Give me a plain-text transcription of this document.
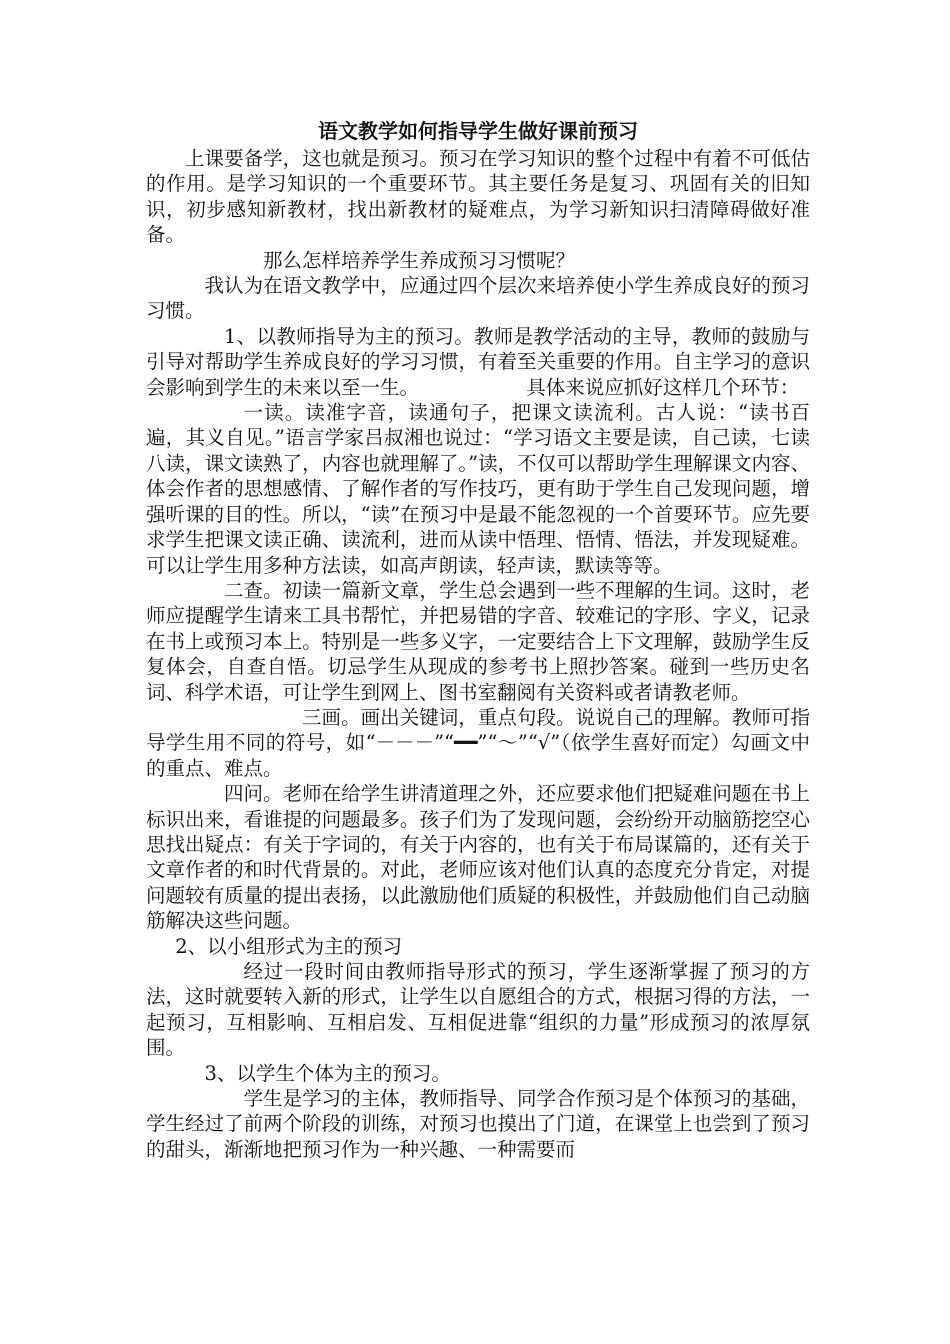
语文教学如何指导学生做好课前预习

上课要备学，这也就是预习。预习在学习知识的整个过程中有着不可低估的作用。是学习知识的一个重要环节。其主要任务是复习、巩固有关的旧知识，初步感知新教材，找出新教材的疑难点，为学习新知识扫清障碍做好准备。

那么怎样培养学生养成预习习惯呢？

我认为在语文教学中，应通过四个层次来培养使小学生养成良好的预习习惯。

1、以教师指导为主的预习。教师是教学活动的主导，教师的鼓励与引导对帮助学生养成良好的学习习惯，有着至关重要的作用。自主学习的意识会影响到学生的未来以至一生。	具体来说应抓好这样几个环节：

一读。读准字音，读通句子，把课文读流利。古人说：“读书百遍，其义自见。”语言学家吕叔湘也说过：“学习语文主要是读，自己读，七读八读，课文读熟了，内容也就理解了。”读，不仅可以帮助学生理解课文内容、体会作者的思想感情、了解作者的写作技巧，更有助于学生自己发现问题，增强听课的目的性。所以，“读”在预习中是最不能忽视的一个首要环节。应先要求学生把课文读正确、读流利，进而从读中悟理、悟情、悟法，并发现疑难。可以让学生用多种方法读，如高声朗读，轻声读，默读等等。

二查。初读一篇新文章，学生总会遇到一些不理解的生词。这时，老师应提醒学生请来工具书帮忙，并把易错的字音、较难记的字形、字义，记录在书上或预习本上。特别是一些多义字，一定要结合上下文理解，鼓励学生反复体会，自查自悟。切忌学生从现成的参考书上照抄答案。碰到一些历史名词、科学术语，可让学生到网上、图书室翻阅有关资料或者请教老师。

三画。画出关键词，重点句段。说说自己的理解。教师可指导学生用不同的符号，如“－－－”“━━”“～”“√”（依学生喜好而定）勾画文中的重点、难点。

四问。老师在给学生讲清道理之外，还应要求他们把疑难问题在书上标识出来，看谁提的问题最多。孩子们为了发现问题，会纷纷开动脑筋挖空心思找出疑点：有关于字词的，有关于内容的，也有关于布局谋篇的，还有关于文章作者的和时代背景的。对此，老师应该对他们认真的态度充分肯定，对提问题较有质量的提出表扬，以此激励他们质疑的积极性，并鼓励他们自己动脑筋解决这些问题。

2、以小组形式为主的预习

经过一段时间由教师指导形式的预习，学生逐渐掌握了预习的方法，这时就要转入新的形式，让学生以自愿组合的方式，根据习得的方法，一起预习，互相影响、互相启发、互相促进靠“组织的力量”形成预习的浓厚氛围。

3、以学生个体为主的预习。

学生是学习的主体，教师指导、同学合作预习是个体预习的基础，学生经过了前两个阶段的训练，对预习也摸出了门道，在课堂上也尝到了预习的甜头，渐渐地把预习作为一种兴趣、一种需要而
